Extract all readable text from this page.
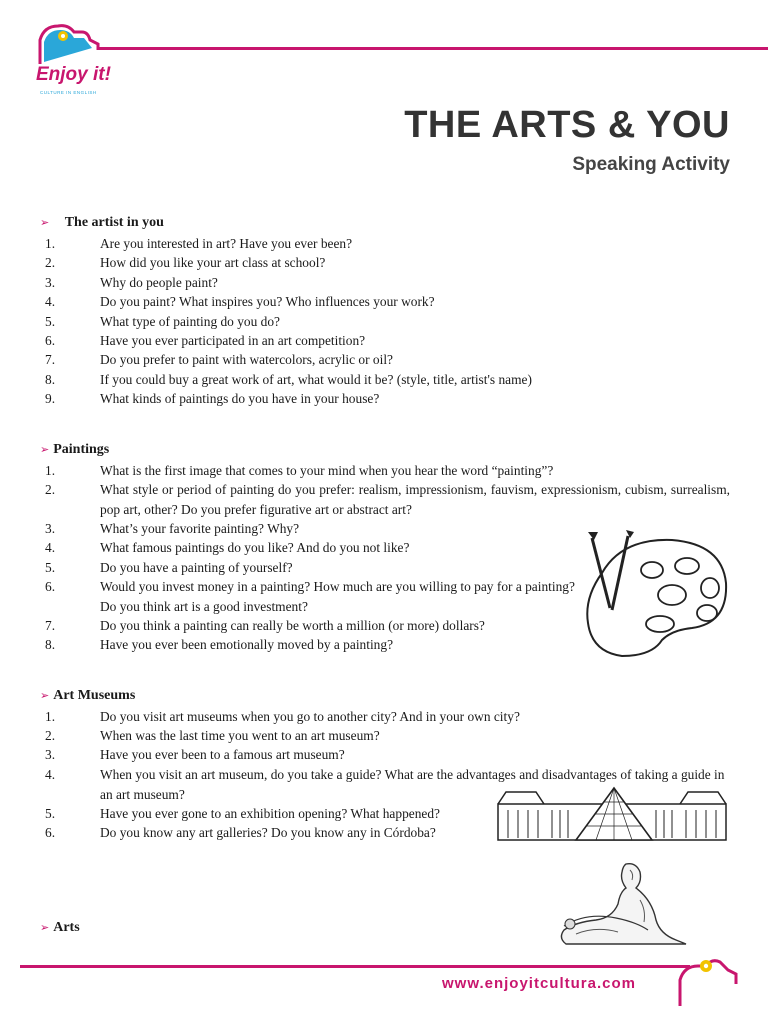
Enjoy it!
CULTURE IN ENGLISH
THE ARTS & YOU
Speaking Activity
➢ The artist in you
1.	Are you interested in art? Have you ever been?
2.	How did you like your art class at school?
3.	Why do people paint?
4.	Do you paint? What inspires you? Who influences your work?
5.	What type of painting do you do?
6.	Have you ever participated in an art competition?
7.	Do you prefer to paint with watercolors, acrylic or oil?
8.	If you could buy a great work of art, what would it be? (style, title, artist's name)
9.	What kinds of paintings do you have in your house?
➢ Paintings
1.	What is the first image that comes to your mind when you hear the word “painting”?
2.	What style or period of painting do you prefer: realism, impressionism, fauvism, expressionism, cubism, surrealism, pop art, other? Do you prefer figurative art or abstract art?
3.	What’s your favorite painting? Why?
4.	What famous paintings do you like? And do you not like?
5.	Do you have a painting of yourself?
6.	Would you invest money in a painting? How much are you willing to pay for a painting? Do you think art is a good investment?
7.	Do you think a painting can really be worth a million (or more) dollars?
8.	Have you ever been emotionally moved by a painting?
➢ Art Museums
1.	Do you visit art museums when you go to another city? And in your own city?
2.	When was the last time you went to an art museum?
3.	Have you ever been to a famous art museum?
4.	When you visit an art museum, do you take a guide? What are the advantages and disadvantages of taking a guide in an art museum?
5.	Have you ever gone to an exhibition opening? What happened?
6.	Do you know any art galleries? Do you know any in Córdoba?
➢ Arts
www.enjoyitcultura.com
